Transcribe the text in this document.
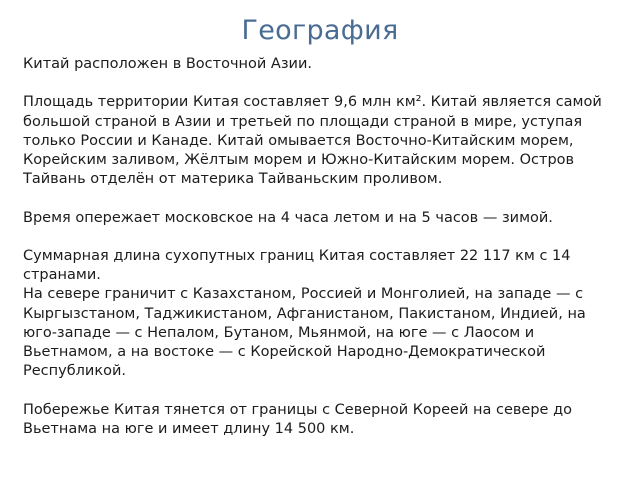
География

Китай расположен в Восточной Азии.

Площадь территории Китая составляет 9,6 млн км². Китай является самой большой страной в Азии и третьей по площади страной в мире, уступая только России и Канаде. Китай омывается Восточно-Китайским морем, Корейским заливом, Жёлтым морем и Южно-Китайским морем. Остров Тайвань отделён от материка Тайваньским проливом.

Время опережает московское на 4 часа летом и на 5 часов — зимой.

Суммарная длина сухопутных границ Китая составляет 22 117 км с 14 странами.

На севере граничит с Казахстаном, Россией и Монголией, на западе — с Кыргызстаном, Таджикистаном, Афганистаном, Пакистаном, Индией, на юго-западе — с Непалом, Бутаном, Мьянмой, на юге — с Лаосом и Вьетнамом, а на востоке — с Корейской Народно-Демократической Республикой.

Побережье Китая тянется от границы с Северной Кореей на севере до Вьетнама на юге и имеет длину 14 500 км.
